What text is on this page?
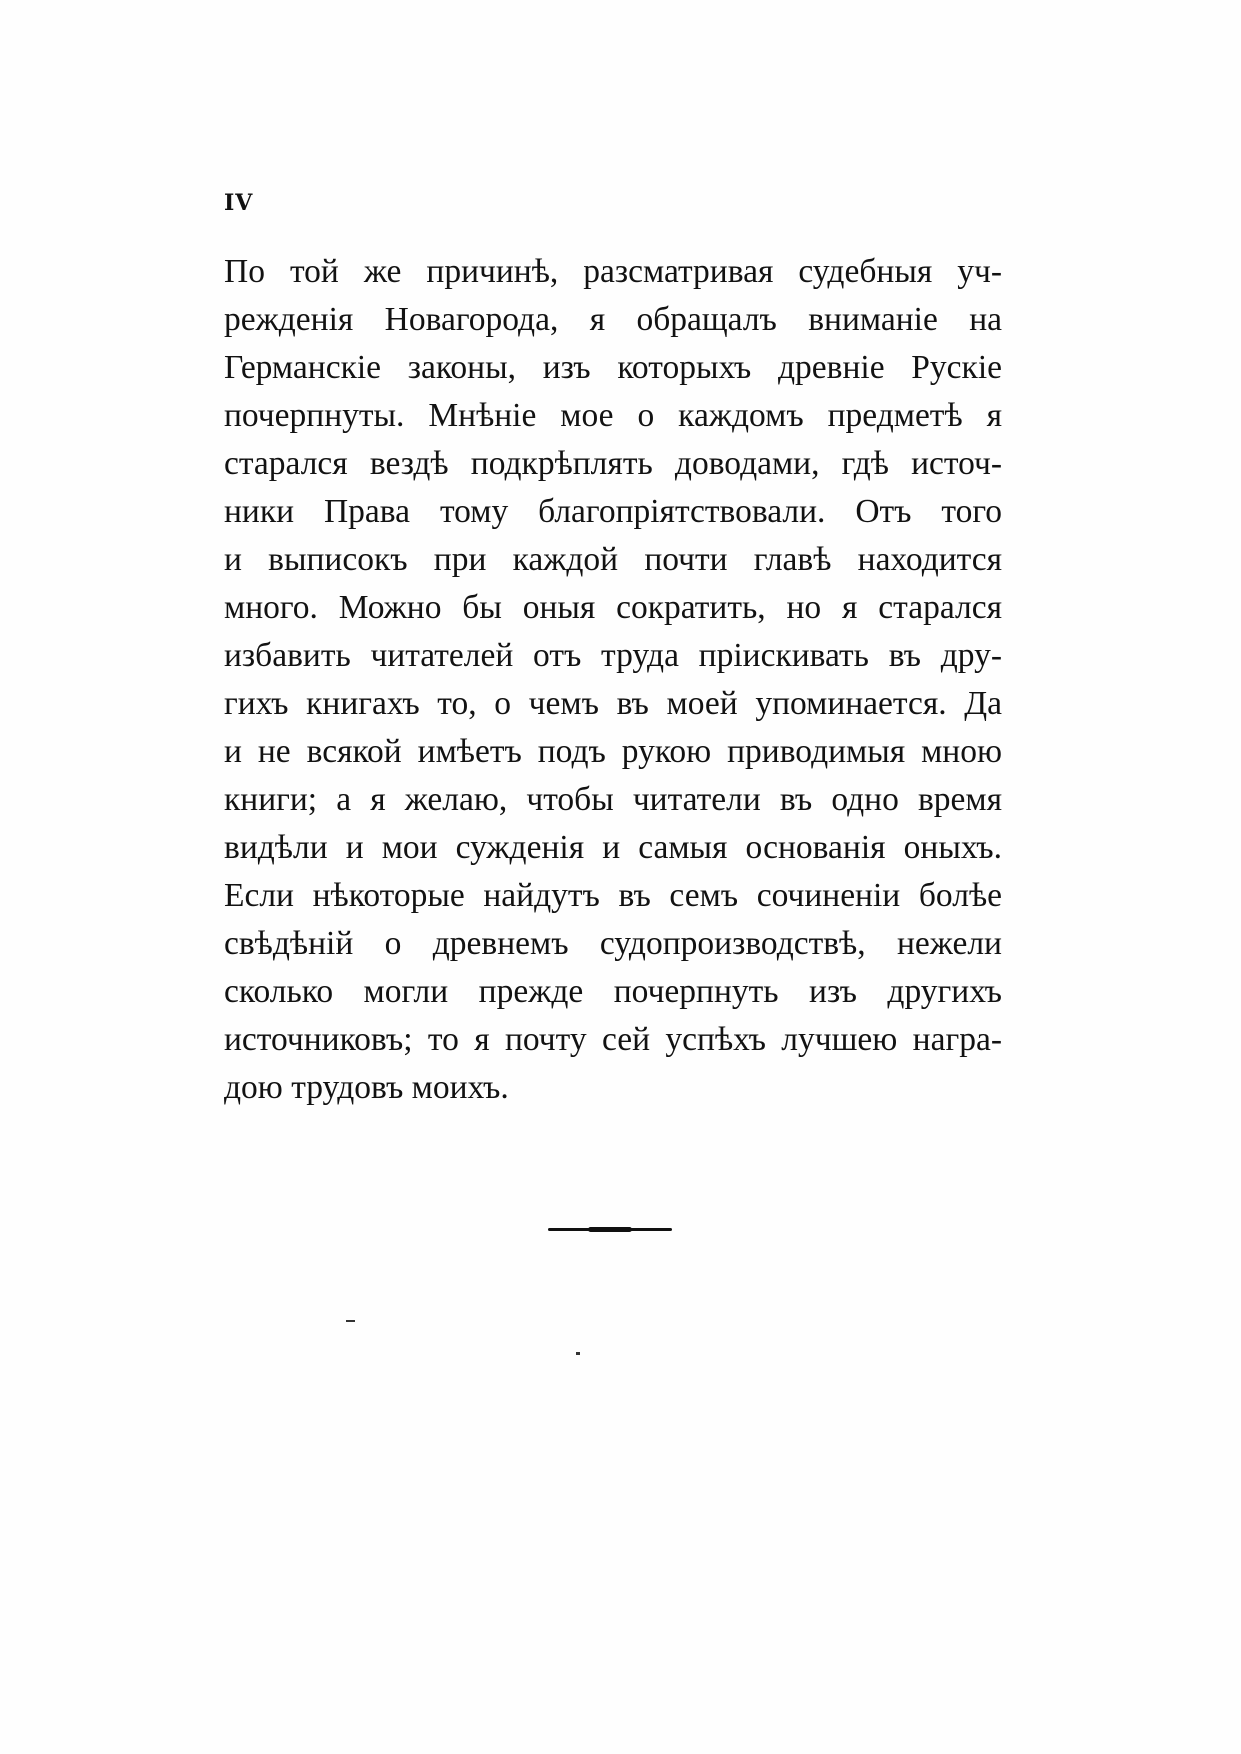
IV
По той же причинѣ, разсматривая судебныя уч-
режденія Новагорода, я обращалъ вниманіе на
Германскіе законы, изъ которыхъ древніе Рускіе
почерпнуты. Мнѣніе мое о каждомъ предметѣ я
старался вездѣ подкрѣплять доводами, гдѣ источ-
ники Права тому благопріятствовали. Отъ того
и выписокъ при каждой почти главѣ находится
много. Можно бы оныя сократить, но я старался
избавить читателей отъ труда пріискивать въ дру-
гихъ книгахъ то, о чемъ въ моей упоминается. Да
и не всякой имѣетъ подъ рукою приводимыя мною
книги; а я желаю, чтобы читатели въ одно время
видѣли и мои сужденія и самыя основанія оныхъ.
Если нѣкоторые найдутъ въ семъ сочиненіи болѣе
свѣдѣній о древнемъ судопроизводствѣ, нежели
сколько могли прежде почерпнуть изъ другихъ
источниковъ; то я почту сей успѣхъ лучшею награ-
дою трудовъ моихъ.
